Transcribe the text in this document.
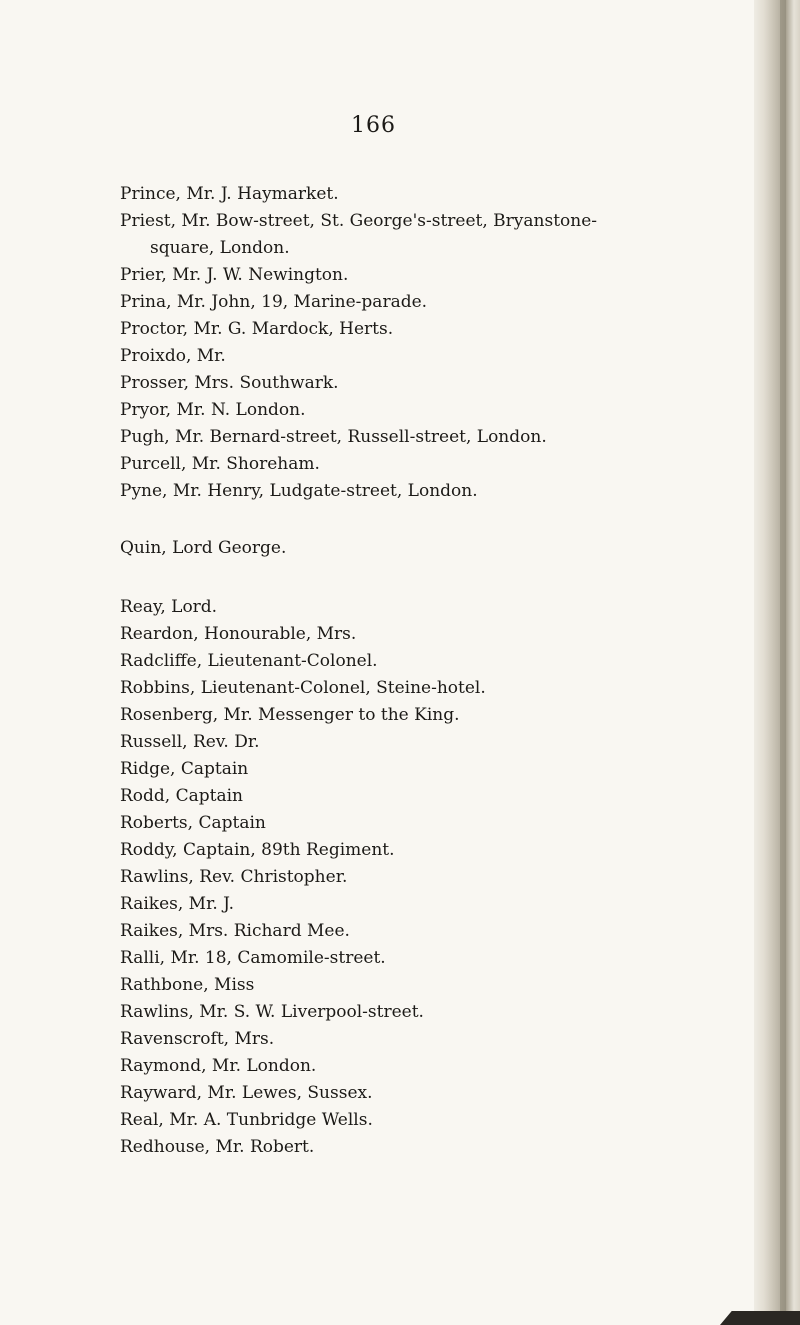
166
Prince, Mr. J. Haymarket.
Priest, Mr. Bow-street, St. George's-street, Bryanstone-
square, London.
Prier, Mr. J. W. Newington.
Prina, Mr. John, 19, Marine-parade.
Proctor, Mr. G. Mardock, Herts.
Proixdo, Mr.
Prosser, Mrs. Southwark.
Pryor, Mr. N. London.
Pugh, Mr. Bernard-street, Russell-street, London.
Purcell, Mr. Shoreham.
Pyne, Mr. Henry, Ludgate-street, London.
Quin, Lord George.
Reay, Lord.
Reardon, Honourable, Mrs.
Radcliffe, Lieutenant-Colonel.
Robbins, Lieutenant-Colonel, Steine-hotel.
Rosenberg, Mr. Messenger to the King.
Russell, Rev. Dr.
Ridge, Captain
Rodd, Captain
Roberts, Captain
Roddy, Captain, 89th Regiment.
Rawlins, Rev. Christopher.
Raikes, Mr. J.
Raikes, Mrs. Richard Mee.
Ralli, Mr. 18, Camomile-street.
Rathbone, Miss
Rawlins, Mr. S. W. Liverpool-street.
Ravenscroft, Mrs.
Raymond, Mr. London.
Rayward, Mr. Lewes, Sussex.
Real, Mr. A. Tunbridge Wells.
Redhouse, Mr. Robert.
